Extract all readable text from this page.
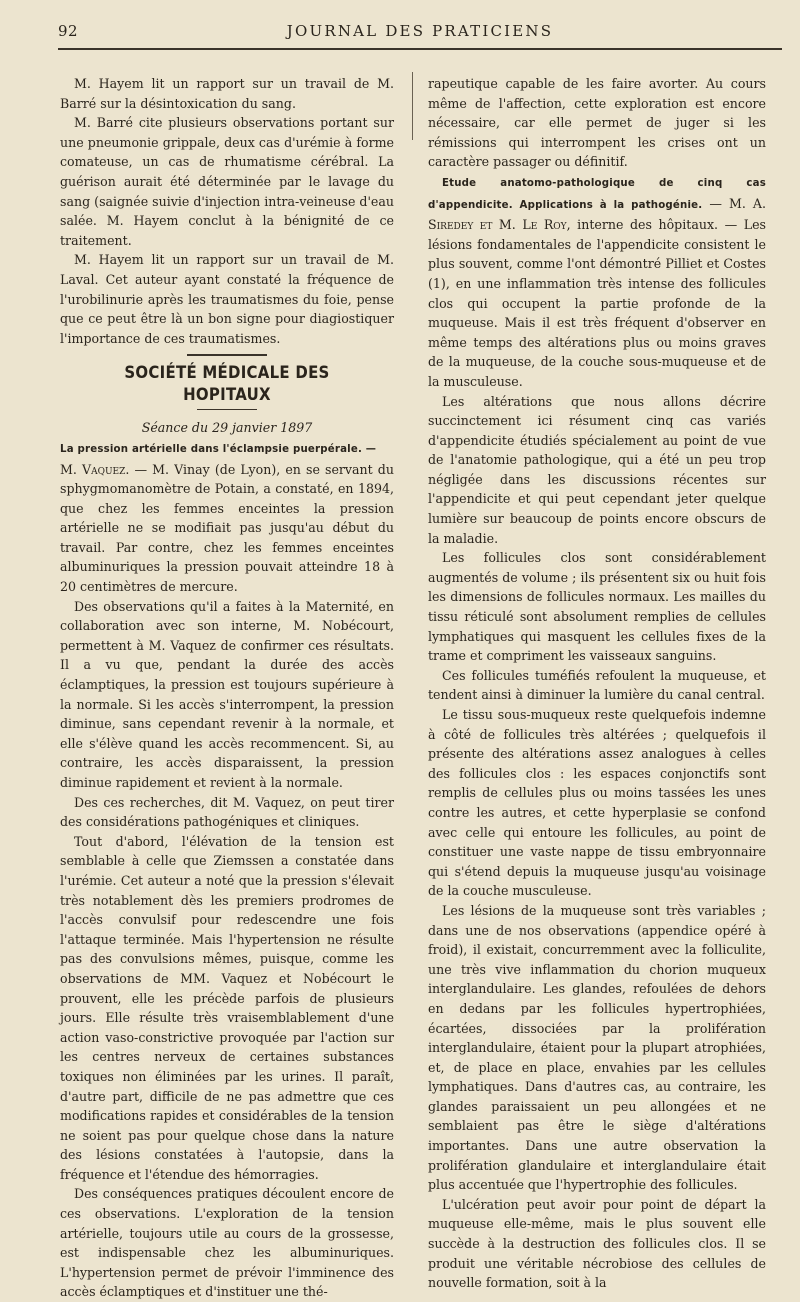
92	JOURNAL DES PRATICIENS

M. Hayem lit un rapport sur un travail de M. Barré sur la désintoxication du sang.

M. Barré cite plusieurs observations portant sur une pneumonie grippale, deux cas d'urémie à forme comateuse, un cas de rhumatisme cérébral. La guérison aurait été déterminée par le lavage du sang (saignée suivie d'injection intra-veineuse d'eau salée. M. Hayem conclut à la bénignité de ce traitement.

M. Hayem lit un rapport sur un travail de M. Laval. Cet auteur ayant constaté la fréquence de l'urobilinurie après les traumatismes du foie, pense que ce peut être là un bon signe pour diagiostiquer l'importance de ces traumatismes.

SOCIÉTÉ MÉDICALE DES HOPITAUX
Séance du 29 janvier 1897

La pression artérielle dans l'éclampsie puerpérale. —

M. Vaquez. — M. Vinay (de Lyon), en se servant du sphygmomanomètre de Potain, a constaté, en 1894, que chez les femmes enceintes la pression artérielle ne se modifiait pas jusqu'au début du travail. Par contre, chez les femmes enceintes albuminuriques la pression pouvait atteindre 18 à 20 centimètres de mercure.

Des observations qu'il a faites à la Maternité, en collaboration avec son interne, M. Nobécourt, permettent à M. Vaquez de confirmer ces résultats. Il a vu que, pendant la durée des accès éclamptiques, la pression est toujours supérieure à la normale. Si les accès s'interrompent, la pression diminue, sans cependant revenir à la normale, et elle s'élève quand les accès recommencent. Si, au contraire, les accès disparaissent, la pression diminue rapidement et revient à la normale.

Des ces recherches, dit M. Vaquez, on peut tirer des considérations pathogéniques et cliniques.

Tout d'abord, l'élévation de la tension est semblable à celle que Ziemssen a constatée dans l'urémie. Cet auteur a noté que la pression s'élevait très notablement dès les premiers prodromes de l'accès convulsif pour redescendre une fois l'attaque terminée. Mais l'hypertension ne résulte pas des convulsions mêmes, puisque, comme les observations de MM. Vaquez et Nobécourt le prouvent, elle les précède parfois de plusieurs jours. Elle résulte très vraisemblablement d'une action vaso-constrictive provoquée par l'action sur les centres nerveux de certaines substances toxiques non éliminées par les urines. Il paraît, d'autre part, difficile de ne pas admettre que ces modifications rapides et considérables de la tension ne soient pas pour quelque chose dans la nature des lésions constatées à l'autopsie, dans la fréquence et l'étendue des hémorragies.

Des conséquences pratiques découlent encore de ces observations. L'exploration de la tension artérielle, toujours utile au cours de la grossesse, est indispensable chez les albuminuriques. L'hypertension permet de prévoir l'imminence des accès éclamptiques et d'instituer une thé-

rapeutique capable de les faire avorter. Au cours même de l'affection, cette exploration est encore nécessaire, car elle permet de juger si les rémissions qui interrompent les crises ont un caractère passager ou définitif.

Etude anatomo-pathologique de cinq cas d'appendicite. Applications à la pathogénie. — M. A. Siredey et M. Le Roy, interne des hôpitaux. — Les lésions fondamentales de l'appendicite consistent le plus souvent, comme l'ont démontré Pilliet et Costes (1), en une inflammation très intense des follicules clos qui occupent la partie profonde de la muqueuse. Mais il est très fréquent d'observer en même temps des altérations plus ou moins graves de la muqueuse, de la couche sous-muqueuse et de la musculeuse.

Les altérations que nous allons décrire succinctement ici résument cinq cas variés d'appendicite étudiés spécialement au point de vue de l'anatomie pathologique, qui a été un peu trop négligée dans les discussions récentes sur l'appendicite et qui peut cependant jeter quelque lumière sur beaucoup de points encore obscurs de la maladie.

Les follicules clos sont considérablement augmentés de volume ; ils présentent six ou huit fois les dimensions de follicules normaux. Les mailles du tissu réticulé sont absolument remplies de cellules lymphatiques qui masquent les cellules fixes de la trame et compriment les vaisseaux sanguins.

Ces follicules tuméfiés refoulent la muqueuse, et tendent ainsi à diminuer la lumière du canal central.

Le tissu sous-muqueux reste quelquefois indemne à côté de follicules très altérées ; quelquefois il présente des altérations assez analogues à celles des follicules clos : les espaces conjonctifs sont remplis de cellules plus ou moins tassées les unes contre les autres, et cette hyperplasie se confond avec celle qui entoure les follicules, au point de constituer une vaste nappe de tissu embryonnaire qui s'étend depuis la muqueuse jusqu'au voisinage de la couche musculeuse.

Les lésions de la muqueuse sont très variables ; dans une de nos observations (appendice opéré à froid), il existait, concurremment avec la folliculite, une très vive inflammation du chorion muqueux interglandulaire. Les glandes, refoulées de dehors en dedans par les follicules hypertrophiées, écartées, dissociées par la prolifération interglandulaire, étaient pour la plupart atrophiées, et, de place en place, envahies par les cellules lymphatiques. Dans d'autres cas, au contraire, les glandes paraissaient un peu allongées et ne semblaient pas être le siège d'altérations importantes. Dans une autre observation la prolifération glandulaire et interglandulaire était plus accentuée que l'hypertrophie des follicules.

L'ulcération peut avoir pour point de départ la muqueuse elle-même, mais le plus souvent elle succède à la destruction des follicules clos. Il se produit une véritable nécrobiose des cellules de nouvelle formation, soit à la
